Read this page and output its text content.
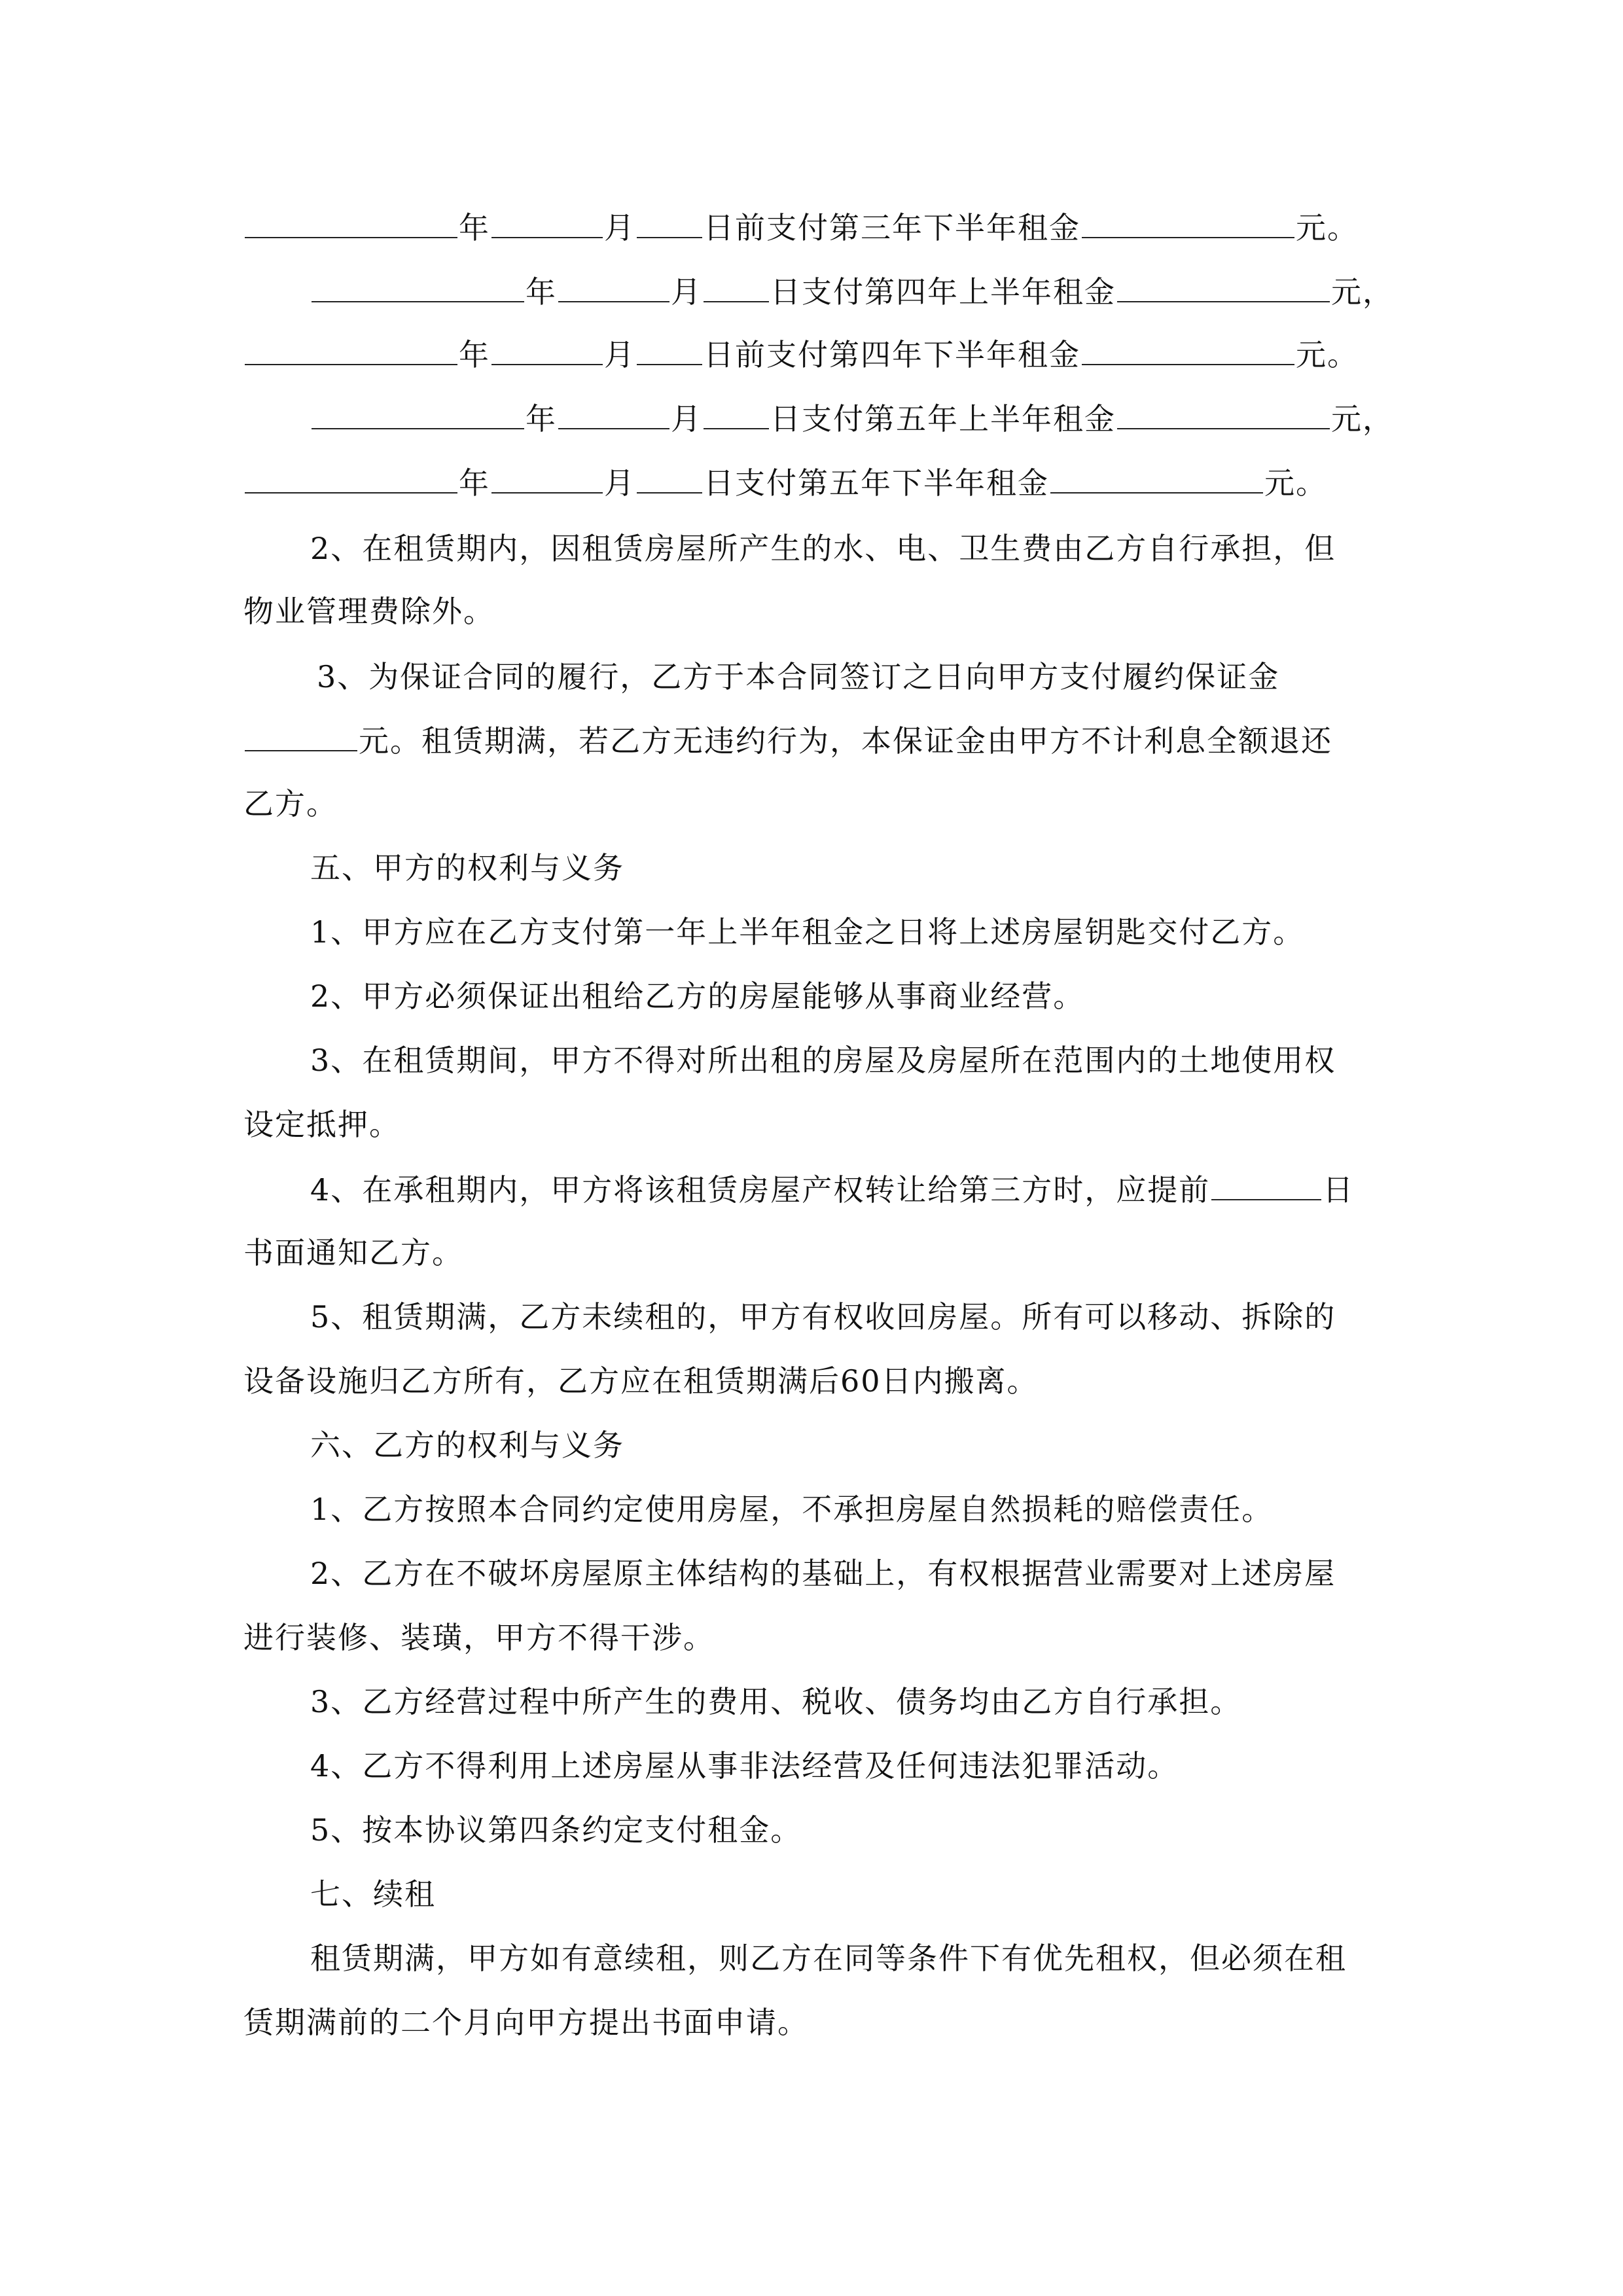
年	月 日前支付第三年下半年租金	元。
年	月 日支付第四年上半年租金	元，
年	月 日前支付第四年下半年租金	元。
年	月 日支付第五年上半年租金	元，
年	月 日支付第五年下半年租金	元。
2、在租赁期内，因租赁房屋所产生的水、电、卫生费由乙方自行承担，但
物业管理费除外。
3、为保证合同的履行，乙方于本合同签订之日向甲方支付履约保证金
元。租赁期满，若乙方无违约行为，本保证金由甲方不计利息全额退还
乙方。
五、甲方的权利与义务
1、甲方应在乙方支付第一年上半年租金之日将上述房屋钥匙交付乙方。
2、甲方必须保证出租给乙方的房屋能够从事商业经营。
3、在租赁期间，甲方不得对所出租的房屋及房屋所在范围内的土地使用权
设定抵押。
4、在承租期内，甲方将该租赁房屋产权转让给第三方时，应提前	日
书面通知乙方。
5、租赁期满，乙方未续租的，甲方有权收回房屋。所有可以移动、拆除的
设备设施归乙方所有，乙方应在租赁期满后60日内搬离。
六、乙方的权利与义务
1、乙方按照本合同约定使用房屋，不承担房屋自然损耗的赔偿责任。
2、乙方在不破坏房屋原主体结构的基础上，有权根据营业需要对上述房屋
进行装修、装璜，甲方不得干涉。
3、乙方经营过程中所产生的费用、税收、债务均由乙方自行承担。
4、乙方不得利用上述房屋从事非法经营及任何违法犯罪活动。
5、按本协议第四条约定支付租金。
七、续租
租赁期满，甲方如有意续租，则乙方在同等条件下有优先租权，但必须在租
赁期满前的二个月向甲方提出书面申请。
